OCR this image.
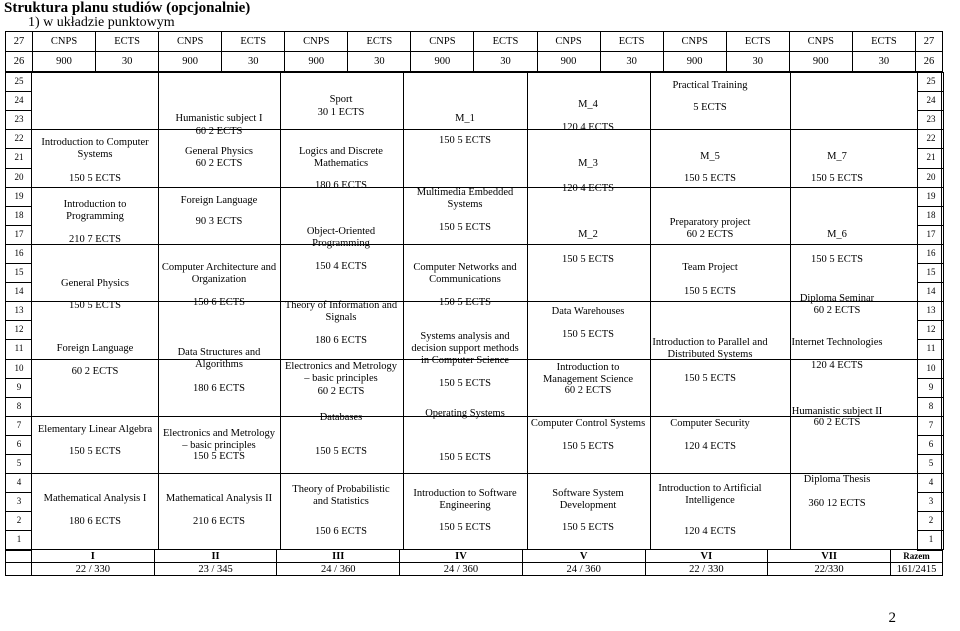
Struktura planu studiów (opcjonalnie)
1) w układzie punktowym
27	CNPS	ECTS	CNPS	ECTS	CNPS	ECTS	CNPS	ECTS	CNPS	ECTS	CNPS	ECTS	CNPS	ECTS	27
26	900	30	900	30	900	30	900	30	900	30	900	30	900	30	26
	I	II	III	IV	V	VI	VII	Razem
	22 / 330	23 / 345	24 / 360	24 / 360	24 / 360	22 / 330	22/330	161/2415
2
25	25
24	24
23	23
22	22
21	21
20	20
19	19
18	18
17	17
16	16
15	15
14	14
13	13
12	12
11	11
10	10
9	9
8	8
7	7
6	6
5	5
4	4
3	3
2	2
1	1
Introduction to Computer
Systems
150 5 ECTS
Introduction to
Programming
210 7 ECTS
General Physics
150 5 ECTS
Foreign Language
60 2 ECTS
Elementary Linear Algebra
150 5 ECTS
Mathematical Analysis I
180 6 ECTS
Humanistic subject I
60 2 ECTS
General Physics
60 2 ECTS
Foreign Language
90 3 ECTS
Computer Architecture and
Organization
150 6 ECTS
Data Structures and
Algorithms
180 6 ECTS
Electronics and Metrology
– basic principles
150 5 ECTS
Mathematical Analysis II
210 6 ECTS
Sport
30 1 ECTS
Logics and Discrete
Mathematics
180 6 ECTS
Object-Oriented
Programming
150 4 ECTS
Theory of Information and
Signals
180 6 ECTS
Electronics and Metrology
– basic principles
60 2 ECTS
Databases
150 5 ECTS
Theory of Probabilistic
and Statistics
150 6 ECTS
M_1
150 5 ECTS
Multimedia Embedded
Systems
150 5 ECTS
Computer Networks and
Communications
150 5 ECTS
Systems analysis and
decision support methods
in Computer Science
150 5 ECTS
Operating Systems
150 5 ECTS
Introduction to Software
Engineering
150 5 ECTS
M_4
120 4 ECTS
M_3
120 4 ECTS
M_2
150 5 ECTS
Data Warehouses
150 5 ECTS
Introduction to
Management Science
60 2 ECTS
Computer Control Systems
150 5 ECTS
Software System
Development
150 5 ECTS
Practical Training
5 ECTS
M_5
150 5 ECTS
Preparatory project
60 2 ECTS
Team Project
150 5 ECTS
Introduction to Parallel and
Distributed Systems
150 5 ECTS
Computer Security
120 4 ECTS
Introduction to Artificial
Intelligence
120 4 ECTS
M_7
150 5 ECTS
M_6
150 5 ECTS
Diploma Seminar
60 2 ECTS
Internet Technologies
120 4 ECTS
Humanistic subject II
60 2 ECTS
Diploma Thesis
360 12 ECTS
